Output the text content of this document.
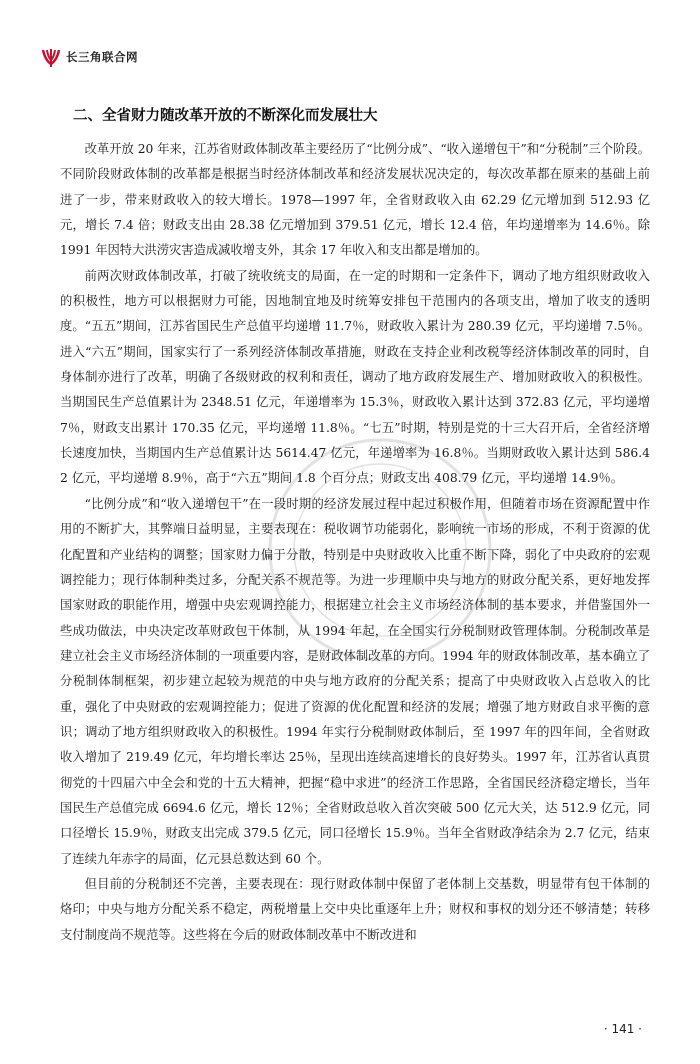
长三角联合网
二、全省财力随改革开放的不断深化而发展壮大

改革开放 20 年来，江苏省财政体制改革主要经历了“比例分成”、“收入递增包干”和“分税制”三个阶段。不同阶段财政体制的改革都是根据当时经济体制改革和经济发展状况决定的，每次改革都在原来的基础上前进了一步，带来财政收入的较大增长。1978—1997 年，全省财政收入由 62.29 亿元增加到 512.93 亿元，增长 7.4 倍；财政支出由 28.38 亿元增加到 379.51 亿元，增长 12.4 倍，年均递增率为 14.6％。除 1991 年因特大洪涝灾害造成减收增支外，其余 17 年收入和支出都是增加的。

前两次财政体制改革，打破了统收统支的局面，在一定的时期和一定条件下，调动了地方组织财政收入的积极性，地方可以根据财力可能，因地制宜地及时统筹安排包干范围内的各项支出，增加了收支的透明度。“五五”期间，江苏省国民生产总值平均递增 11.7％，财政收入累计为 280.39 亿元，平均递增 7.5％。进入“六五”期间，国家实行了一系列经济体制改革措施，财政在支持企业利改税等经济体制改革的同时，自身体制亦进行了改革，明确了各级财政的权利和责任，调动了地方政府发展生产、增加财政收入的积极性。当期国民生产总值累计为 2348.51 亿元，年递增率为 15.3％，财政收入累计达到 372.83 亿元，平均递增 7％，财政支出累计 170.35 亿元，平均递增 11.8％。“七五”时期，特别是党的十三大召开后，全省经济增长速度加快，当期国内生产总值累计达 5614.47 亿元，年递增率为 16.8％。当期财政收入累计达到 586.42 亿元，平均递增 8.9％，高于“六五”期间 1.8 个百分点；财政支出 408.79 亿元，平均递增 14.9％。

“比例分成”和“收入递增包干”在一段时期的经济发展过程中起过积极作用，但随着市场在资源配置中作用的不断扩大，其弊端日益明显，主要表现在：税收调节功能弱化，影响统一市场的形成，不利于资源的优化配置和产业结构的调整；国家财力偏于分散，特别是中央财政收入比重不断下降，弱化了中央政府的宏观调控能力；现行体制种类过多，分配关系不规范等。为进一步理顺中央与地方的财政分配关系，更好地发挥国家财政的职能作用，增强中央宏观调控能力，根据建立社会主义市场经济体制的基本要求，并借鉴国外一些成功做法，中央决定改革财政包干体制，从 1994 年起，在全国实行分税制财政管理体制。分税制改革是建立社会主义市场经济体制的一项重要内容，是财政体制改革的方向。1994 年的财政体制改革，基本确立了分税制体制框架，初步建立起较为规范的中央与地方政府的分配关系；提高了中央财政收入占总收入的比重，强化了中央财政的宏观调控能力；促进了资源的优化配置和经济的发展；增强了地方财政自求平衡的意识；调动了地方组织财政收入的积极性。1994 年实行分税制财政体制后，至 1997 年的四年间，全省财政收入增加了 219.49 亿元，年均增长率达 25％，呈现出连续高速增长的良好势头。1997 年，江苏省认真贯彻党的十四届六中全会和党的十五大精神，把握“稳中求进”的经济工作思路，全省国民经济稳定增长，当年国民生产总值完成 6694.6 亿元，增长 12％；全省财政总收入首次突破 500 亿元大关，达 512.9 亿元，同口径增长 15.9％，财政支出完成 379.5 亿元，同口径增长 15.9％。当年全省财政净结余为 2.7 亿元，结束了连续九年赤字的局面，亿元县总数达到 60 个。

但目前的分税制还不完善，主要表现在：现行财政体制中保留了老体制上交基数，明显带有包干体制的烙印；中央与地方分配关系不稳定，两税增量上交中央比重逐年上升；财权和事权的划分还不够清楚；转移支付制度尚不规范等。这些将在今后的财政体制改革中不断改进和

· 141 ·
